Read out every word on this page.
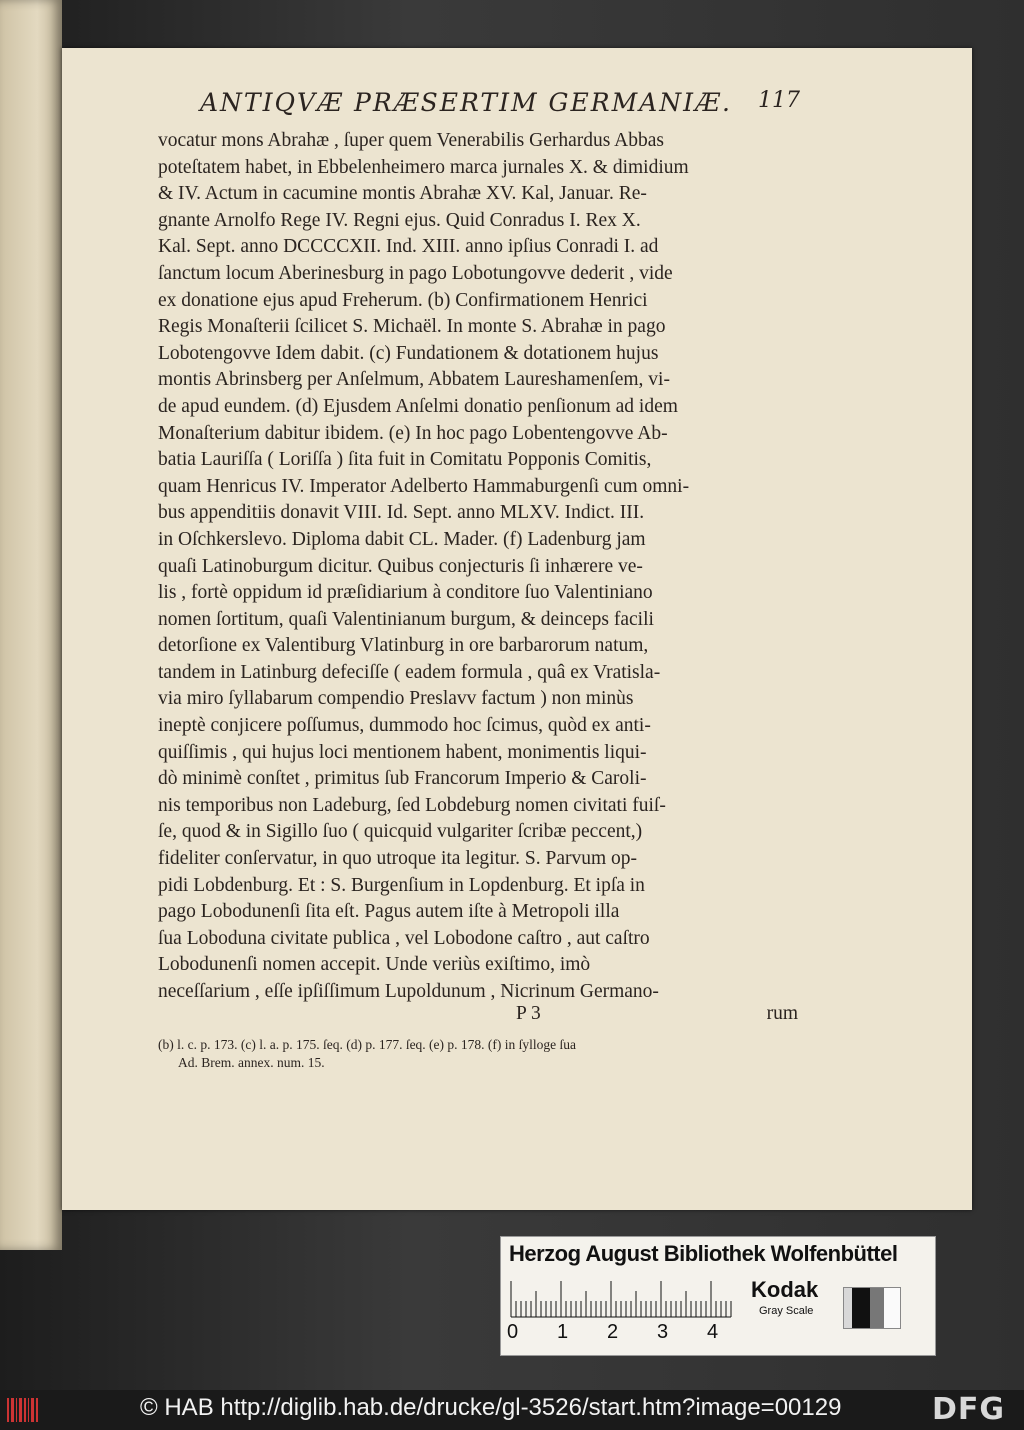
ANTIQVÆ PRÆSERTIM GERMANIÆ.	117
vocatur mons Abrahæ , ſuper quem Venerabilis Gerhardus Abbas
poteſtatem habet, in Ebbelenheimero marca jurnales X. & dimidium
& IV. Actum in cacumine montis Abrahæ XV. Kal, Januar. Re-
gnante Arnolfo Rege IV. Regni ejus. Quid Conradus I. Rex X.
Kal. Sept. anno DCCCCXII. Ind. XIII. anno ipſius Conradi I. ad
ſanctum locum Aberinesburg in pago Lobotungovve dederit , vide
ex donatione ejus apud Freherum. (b) Confirmationem Henrici
Regis Monaſterii ſcilicet S. Michaël. In monte S. Abrahæ in pago
Lobotengovve Idem dabit. (c) Fundationem & dotationem hujus
montis Abrinsberg per Anſelmum, Abbatem Laureshamenſem, vi-
de apud eundem. (d) Ejusdem Anſelmi donatio penſionum ad idem
Monaſterium dabitur ibidem. (e) In hoc pago Lobentengovve Ab-
batia Lauriſſa ( Loriſſa ) ſita fuit in Comitatu Popponis Comitis,
quam Henricus IV. Imperator Adelberto Hammaburgenſi cum omni-
bus appenditiis donavit VIII. Id. Sept. anno MLXV. Indict. III.
in Oſchkerslevo. Diploma dabit CL. Mader. (f) Ladenburg jam
quaſi Latinoburgum dicitur. Quibus conjecturis ſi inhærere ve-
lis , fortè oppidum id præſidiarium à conditore ſuo Valentiniano
nomen ſortitum, quaſi Valentinianum burgum, & deinceps facili
detorſione ex Valentiburg Vlatinburg in ore barbarorum natum,
tandem in Latinburg defeciſſe ( eadem formula , quâ ex Vratisla-
via miro ſyllabarum compendio Preslavv factum ) non minùs
ineptè conjicere poſſumus, dummodo hoc ſcimus, quòd ex anti-
quiſſimis , qui hujus loci mentionem habent, monimentis liqui-
dò minimè conſtet , primitus ſub Francorum Imperio & Caroli-
nis temporibus non Ladeburg, ſed Lobdeburg nomen civitati fuiſ-
ſe, quod & in Sigillo ſuo ( quicquid vulgariter ſcribæ peccent,)
fideliter conſervatur, in quo utroque ita legitur. S. Parvum op-
pidi Lobdenburg. Et : S. Burgenſium in Lopdenburg. Et ipſa in
pago Lobodunenſi ſita eſt. Pagus autem iſte à Metropoli illa
ſua Loboduna civitate publica , vel Lobodone caſtro , aut caſtro
Lobodunenſi nomen accepit. Unde veriùs exiſtimo, imò
neceſſarium , eſſe ipſiſſimum Lupoldunum , Nicrinum Germano-
P 3	rum
(b) l. c. p. 173. (c) l. a. p. 175. ſeq. (d) p. 177. ſeq. (e) p. 178. (f) in ſylloge ſua
Ad. Brem. annex. num. 15.
Herzog August Bibliothek Wolfenbüttel
0 1 2 3 4
Kodak
Gray Scale
© HAB http://diglib.hab.de/drucke/gl-3526/start.htm?image=00129	DFG
